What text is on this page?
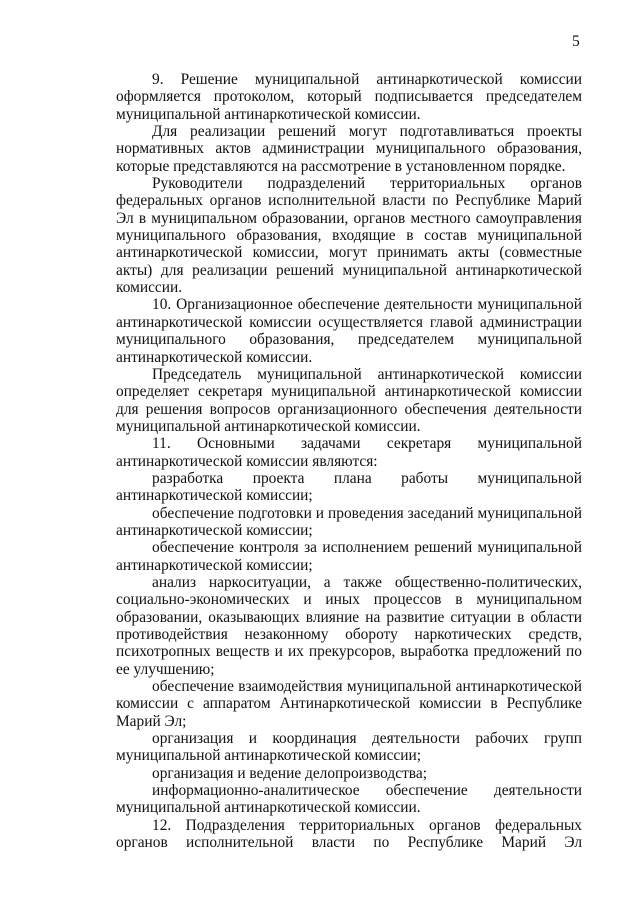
5

9. Решение муниципальной антинаркотической комиссии оформляется протоколом, который подписывается председателем муниципальной антинаркотической комиссии.

Для реализации решений могут подготавливаться проекты нормативных актов администрации муниципального образования, которые представляются на рассмотрение в установленном порядке.

Руководители подразделений территориальных органов федеральных органов исполнительной власти по Республике Марий Эл в муниципальном образовании, органов местного самоуправления муниципального образования, входящие в состав муниципальной антинаркотической комиссии, могут принимать акты (совместные акты) для реализации решений муниципальной антинаркотической комиссии.

10. Организационное обеспечение деятельности муниципальной антинаркотической комиссии осуществляется главой администрации муниципального образования, председателем муниципальной антинаркотической комиссии.

Председатель муниципальной антинаркотической комиссии определяет секретаря муниципальной антинаркотической комиссии для решения вопросов организационного обеспечения деятельности муниципальной антинаркотической комиссии.

11. Основными задачами секретаря муниципальной антинаркотической комиссии являются:

разработка проекта плана работы муниципальной антинаркотической комиссии;

обеспечение подготовки и проведения заседаний муниципальной антинаркотической комиссии;

обеспечение контроля за исполнением решений муниципальной антинаркотической комиссии;

анализ наркоситуации, а также общественно-политических, социально-экономических и иных процессов в муниципальном образовании, оказывающих влияние на развитие ситуации в области противодействия незаконному обороту наркотических средств, психотропных веществ и их прекурсоров, выработка предложений по ее улучшению;

обеспечение взаимодействия муниципальной антинаркотической комиссии с аппаратом Антинаркотической комиссии в Республике Марий Эл;

организация и координация деятельности рабочих групп муниципальной антинаркотической комиссии;

организация и ведение делопроизводства;

информационно-аналитическое обеспечение деятельности муниципальной антинаркотической комиссии.

12. Подразделения территориальных органов федеральных органов исполнительной власти по Республике Марий Эл
